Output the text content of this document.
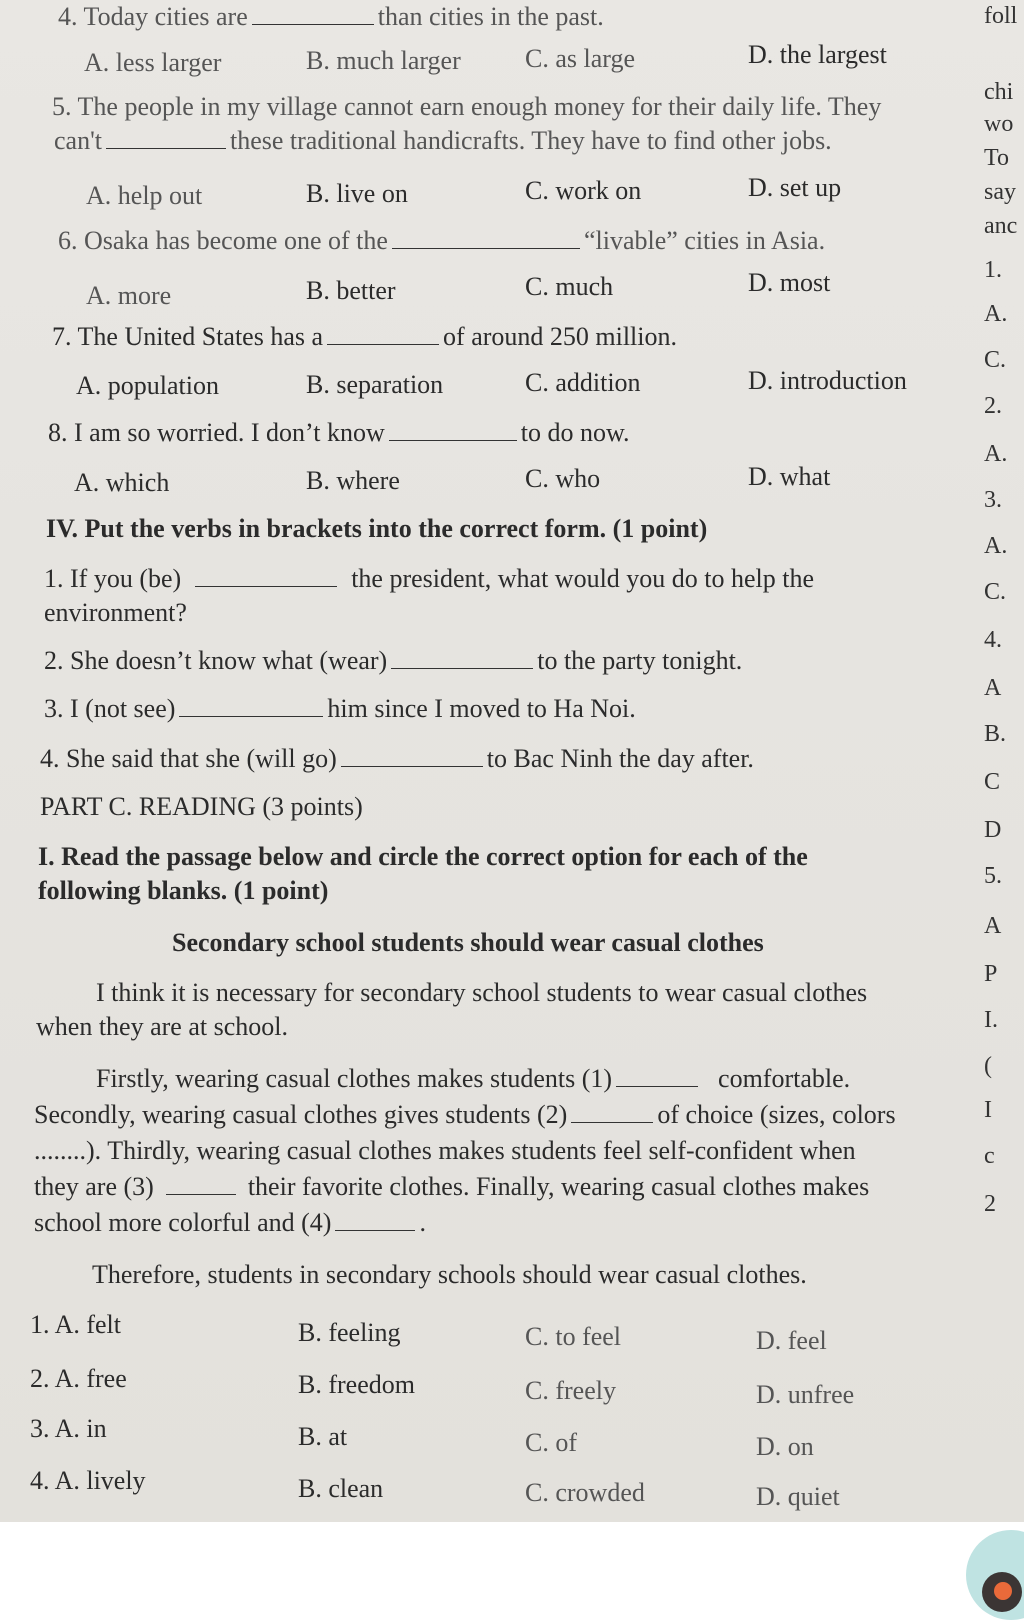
4. Today cities are	than cities in the past.
A. less larger	B. much larger C. as large	D. the largest
5. The people in my village cannot earn enough money for their daily life. They
can't	these traditional handicrafts. They have to find other jobs.
A. help out	B. live on	C. work on	D. set up
6. Osaka has become one of the	“livable” cities in Asia.
A. more	B. better	C. much	D. most
7. The United States has a	of around 250 million.
A. population	B. separation	C. addition	D. introduction
8. I am so worried. I don’t know	to do now.
A. which	B. where	C. who	D. what
IV. Put the verbs in brackets into the correct form. (1 point)
1. If you (be)	the president, what would you do to help the
environment?
2. She doesn’t know what (wear)	to the party tonight.
3. I (not see)	him since I moved to Ha Noi.
4. She said that she (will go)	to Bac Ninh the day after.
PART C. READING (3 points)
I. Read the passage below and circle the correct option for each of the
following blanks. (1 point)
Secondary school students should wear casual clothes
I think it is necessary for secondary school students to wear casual clothes
when they are at school.
Firstly, wearing casual clothes makes students (1)	comfortable.
Secondly, wearing casual clothes gives students (2)	of choice (sizes, colors
........). Thirdly, wearing casual clothes makes students feel self-confident when
they are (3)	their favorite clothes. Finally, wearing casual clothes makes
school more colorful and (4)	.
Therefore, students in secondary schools should wear casual clothes.
1. A. felt	B. feeling	C. to feel	D. feel
2. A. free	B. freedom	C. freely	D. unfree
3. A. in	B. at	C. of	D. on
4. A. lively	B. clean	C. crowded	D. quiet
foll
chi
wo
To
say
anc
1.
A.
C.
2.
A.
3.
A.
C.
4.
A
B.
C
D
5.
A
P
I.
(
I
c
2
